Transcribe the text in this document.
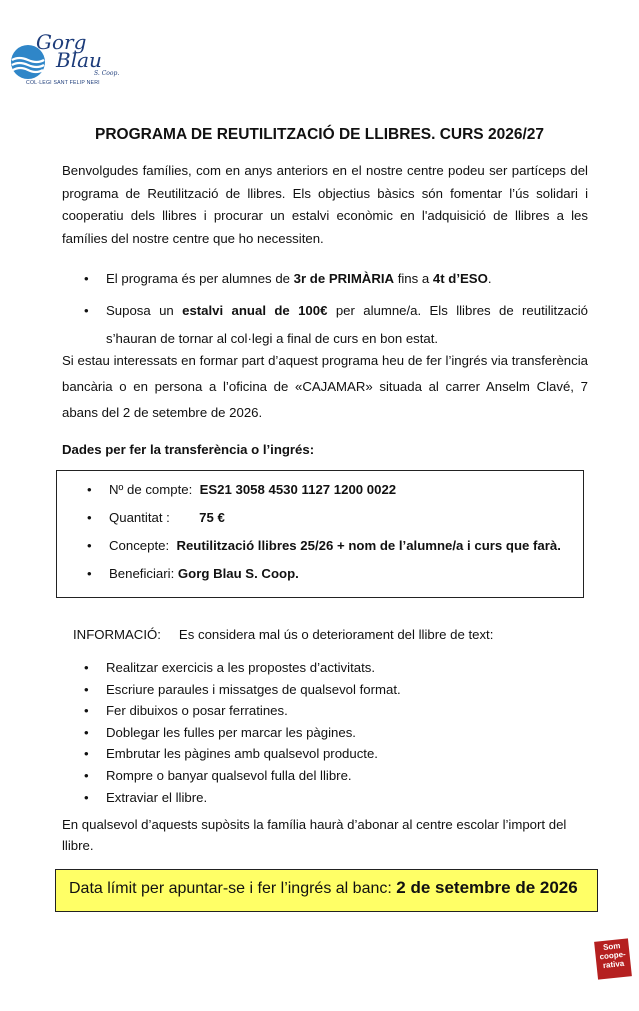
Gorg
Blau
S. Coop.
COL·LEGI SANT FELIP NERI
PROGRAMA DE REUTILITZACIÓ DE LLIBRES. CURS 2026/27

Benvolgudes famílies, com en anys anteriors en el nostre centre podeu ser partíceps del programa de Reutilització de llibres. Els objectius bàsics són fomentar l’ús solidari i cooperatiu dels llibres i procurar un estalvi econòmic en l'adquisició de llibres a les famílies del nostre centre que ho necessiten.

• El programa és per alumnes de 3r de PRIMÀRIA fins a 4t d’ESO.
• Suposa un estalvi anual de 100€ per alumne/a. Els llibres de reutilització s’hauran de tornar al col·legi a final de curs en bon estat.

Si estau interessats en formar part d’aquest programa heu de fer l’ingrés via transferència bancària o en persona a l’oficina de «CAJAMAR» situada al carrer Anselm Clavé, 7 abans del 2 de setembre de 2026.

Dades per fer la transferència o l’ingrés:
• Nº de compte:  ES21 3058 4530 1127 1200 0022
• Quantitat :        75 €
• Concepte:  Reutilització llibres 25/26 + nom de l’alumne/a i curs que farà.
• Beneficiari: Gorg Blau S. Coop.
INFORMACIÓ: Es considera mal ús o deteriorament del llibre de text:
• Realitzar exercicis a les propostes d’activitats.
• Escriure paraules i missatges de qualsevol format.
• Fer dibuixos o posar ferratines.
• Doblegar les fulles per marcar les pàgines.
• Embrutar les pàgines amb qualsevol producte.
• Rompre o banyar qualsevol fulla del llibre.
• Extraviar el llibre.

En qualsevol d’aquests supòsits la família haurà d’abonar al centre escolar l’import del llibre.

Data límit per apuntar-se i fer l’ingrés al banc: 2 de setembre de 2026
Som
coope-
rativa
